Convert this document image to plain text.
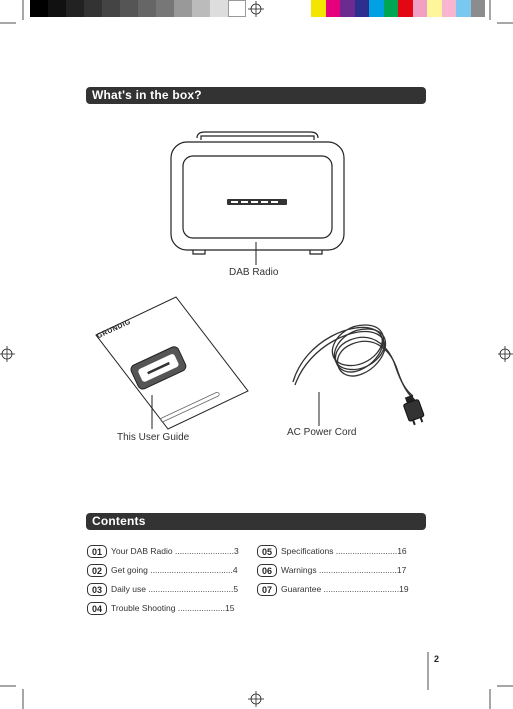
What's in the box?
DAB Radio
GRUNDIG
This User Guide	AC Power Cord
Contents
01	Your DAB Radio .........................3
02	Get going ...................................4
03	Daily use ....................................5
04	Trouble Shooting ....................15
05	Specifications ..........................16
06	Warnings .................................17
07	Guarantee ................................19
2
